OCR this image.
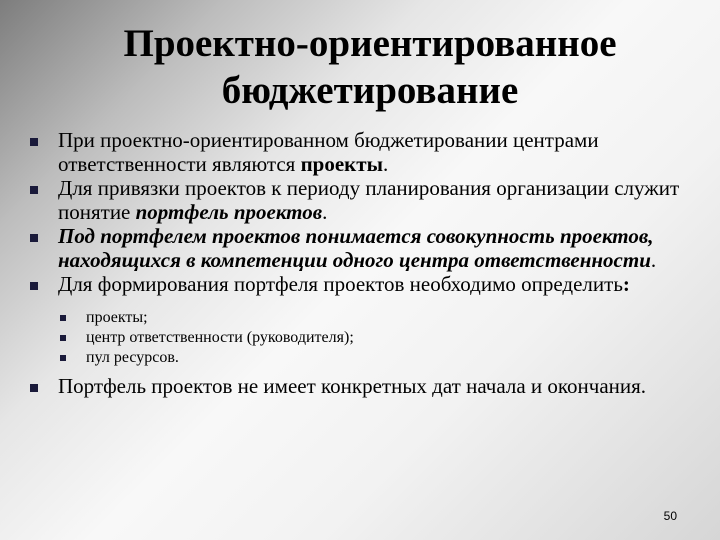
Проектно-ориентированное
бюджетирование
При проектно-ориентированном бюджетировании центрами ответственности являются проекты.
Для привязки проектов к периоду планирования организации служит понятие портфель проектов.
Под портфелем проектов понимается совокупность проектов, находящихся в компетенции одного центра ответственности.
Для формирования портфеля проектов необходимо определить:
проекты;
центр ответственности (руководителя);
пул ресурсов.
Портфель проектов не имеет конкретных дат начала и окончания.
50
